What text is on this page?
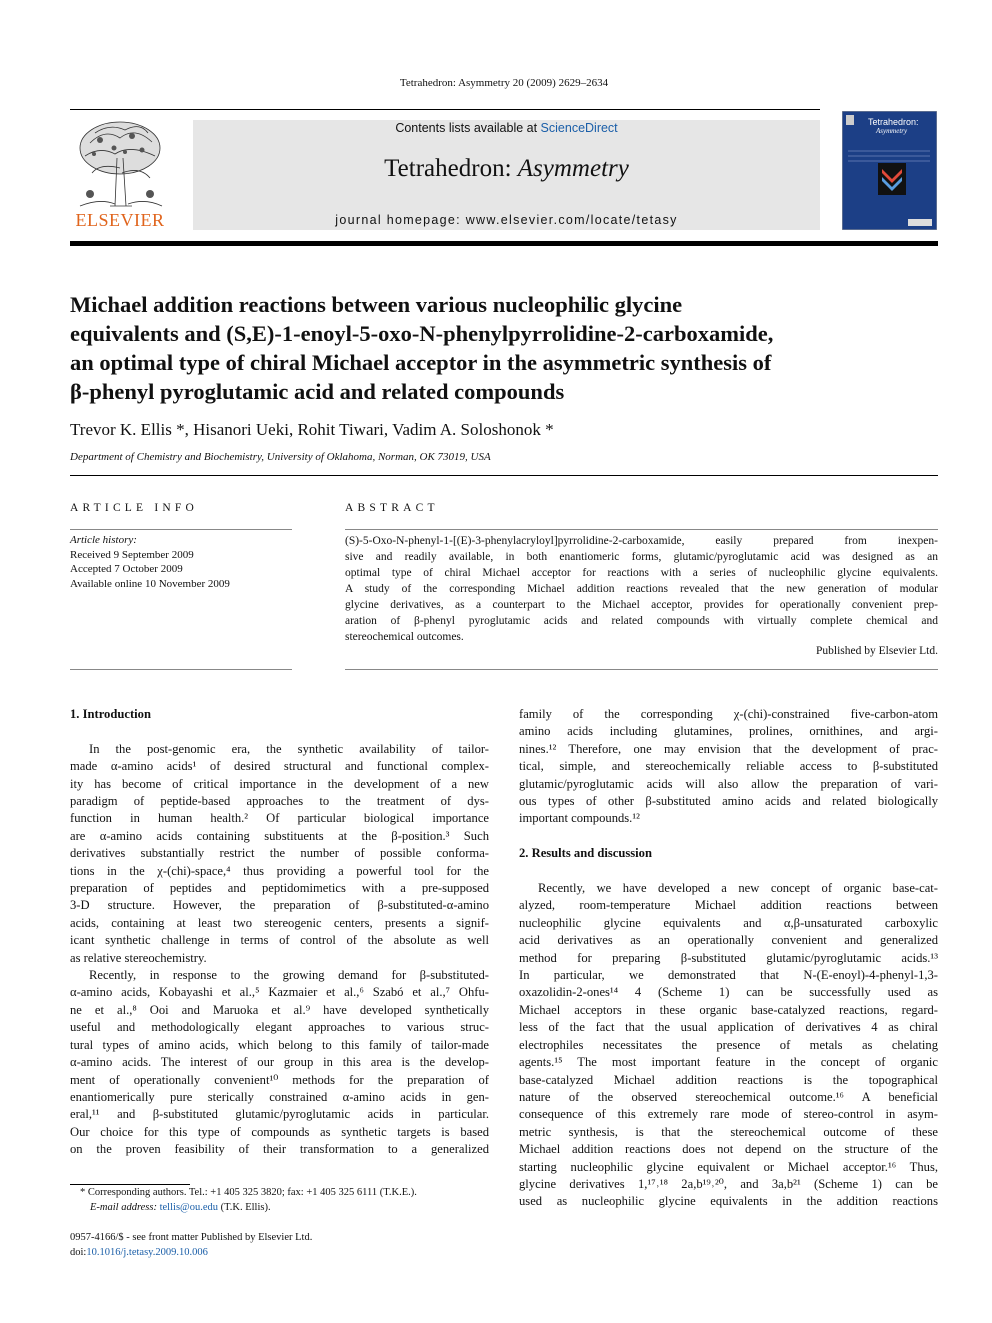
Tetrahedron: Asymmetry 20 (2009) 2629–2634
ELSEVIER
Contents lists available at ScienceDirect
Tetrahedron: Asymmetry
journal homepage: www.elsevier.com/locate/tetasy
Tetrahedron:
Asymmetry
Michael addition reactions between various nucleophilic glycine
equivalents and (S,E)-1-enoyl-5-oxo-N-phenylpyrrolidine-2-carboxamide,
an optimal type of chiral Michael acceptor in the asymmetric synthesis of
β-phenyl pyroglutamic acid and related compounds
Trevor K. Ellis *, Hisanori Ueki, Rohit Tiwari, Vadim A. Soloshonok *
Department of Chemistry and Biochemistry, University of Oklahoma, Norman, OK 73019, USA
ARTICLE INFO	ABSTRACT
Article history:
Received 9 September 2009
Accepted 7 October 2009
Available online 10 November 2009
(S)-5-Oxo-N-phenyl-1-[(E)-3-phenylacryloyl]pyrrolidine-2-carboxamide, easily prepared from inexpen-
sive and readily available, in both enantiomeric forms, glutamic/pyroglutamic acid was designed as an
optimal type of chiral Michael acceptor for reactions with a series of nucleophilic glycine equivalents.
A study of the corresponding Michael addition reactions revealed that the new generation of modular
glycine derivatives, as a counterpart to the Michael acceptor, provides for operationally convenient prep-
aration of β-phenyl pyroglutamic acids and related compounds with virtually complete chemical and
stereochemical outcomes.
Published by Elsevier Ltd.
1. Introduction
In the post-genomic era, the synthetic availability of tailor-
made α-amino acids¹ of desired structural and functional complex-
ity has become of critical importance in the development of a new
paradigm of peptide-based approaches to the treatment of dys-
function in human health.² Of particular biological importance
are α-amino acids containing substituents at the β-position.³ Such
derivatives substantially restrict the number of possible conforma-
tions in the χ-(chi)-space,⁴ thus providing a powerful tool for the
preparation of peptides and peptidomimetics with a pre-supposed
3-D structure. However, the preparation of β-substituted-α-amino
acids, containing at least two stereogenic centers, presents a signif-
icant synthetic challenge in terms of control of the absolute as well
as relative stereochemistry.
Recently, in response to the growing demand for β-substituted-
α-amino acids, Kobayashi et al.,⁵ Kazmaier et al.,⁶ Szabó et al.,⁷ Ohfu-
ne et al.,⁸ Ooi and Maruoka et al.⁹ have developed synthetically
useful and methodologically elegant approaches to various struc-
tural types of amino acids, which belong to this family of tailor-made
α-amino acids. The interest of our group in this area is the develop-
ment of operationally convenient¹⁰ methods for the preparation of
enantiomerically pure sterically constrained α-amino acids in gen-
eral,¹¹ and β-substituted glutamic/pyroglutamic acids in particular.
Our choice for this type of compounds as synthetic targets is based
on the proven feasibility of their transformation to a generalized
family of the corresponding χ-(chi)-constrained five-carbon-atom
amino acids including glutamines, prolines, ornithines, and argi-
nines.¹² Therefore, one may envision that the development of prac-
tical, simple, and stereochemically reliable access to β-substituted
glutamic/pyroglutamic acids will also allow the preparation of vari-
ous types of other β-substituted amino acids and related biologically
important compounds.¹²
2. Results and discussion
Recently, we have developed a new concept of organic base-cat-
alyzed, room-temperature Michael addition reactions between
nucleophilic glycine equivalents and α,β-unsaturated carboxylic
acid derivatives as an operationally convenient and generalized
method for preparing β-substituted glutamic/pyroglutamic acids.¹³
In particular, we demonstrated that N-(E-enoyl)-4-phenyl-1,3-
oxazolidin-2-ones¹⁴ 4 (Scheme 1) can be successfully used as
Michael acceptors in these organic base-catalyzed reactions, regard-
less of the fact that the usual application of derivatives 4 as chiral
electrophiles necessitates the presence of metals as chelating
agents.¹⁵ The most important feature in the concept of organic
base-catalyzed Michael addition reactions is the topographical
nature of the observed stereochemical outcome.¹⁶ A beneficial
consequence of this extremely rare mode of stereo-control in asym-
metric synthesis, is that the stereochemical outcome of these
Michael addition reactions does not depend on the structure of the
starting nucleophilic glycine equivalent or Michael acceptor.¹⁶ Thus,
glycine derivatives 1,¹⁷˒¹⁸ 2a,b¹⁹˒²⁰, and 3a,b²¹ (Scheme 1) can be
used as nucleophilic glycine equivalents in the addition reactions
* Corresponding authors. Tel.: +1 405 325 3820; fax: +1 405 325 6111 (T.K.E.).
E-mail address: tellis@ou.edu (T.K. Ellis).
0957-4166/$ - see front matter Published by Elsevier Ltd.
doi:10.1016/j.tetasy.2009.10.006
